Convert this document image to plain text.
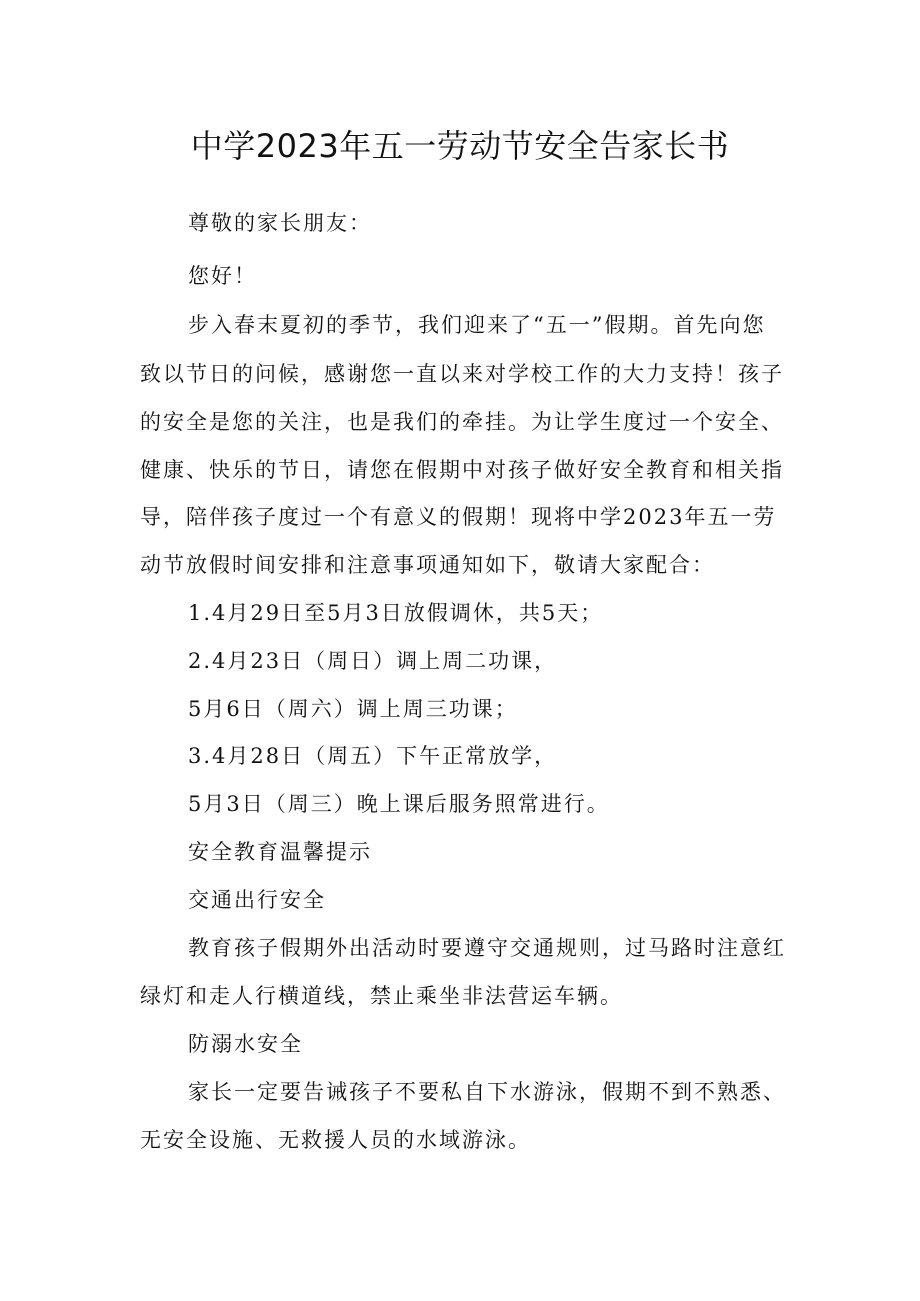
中学2023年五一劳动节安全告家长书
尊敬的家长朋友：
您好！
步入春末夏初的季节，我们迎来了“五一”假期。首先向您
致以节日的问候，感谢您一直以来对学校工作的大力支持！孩子
的安全是您的关注，也是我们的牵挂。为让学生度过一个安全、
健康、快乐的节日，请您在假期中对孩子做好安全教育和相关指
导，陪伴孩子度过一个有意义的假期！现将中学2023年五一劳
动节放假时间安排和注意事项通知如下，敬请大家配合：
1.4月29日至5月3日放假调休，共5天；
2.4月23日（周日）调上周二功课，
5月6日（周六）调上周三功课；
3.4月28日（周五）下午正常放学，
5月3日（周三）晚上课后服务照常进行。
安全教育温馨提示
交通出行安全
教育孩子假期外出活动时要遵守交通规则，过马路时注意红
绿灯和走人行横道线，禁止乘坐非法营运车辆。
防溺水安全
家长一定要告诫孩子不要私自下水游泳，假期不到不熟悉、
无安全设施、无救援人员的水域游泳。
